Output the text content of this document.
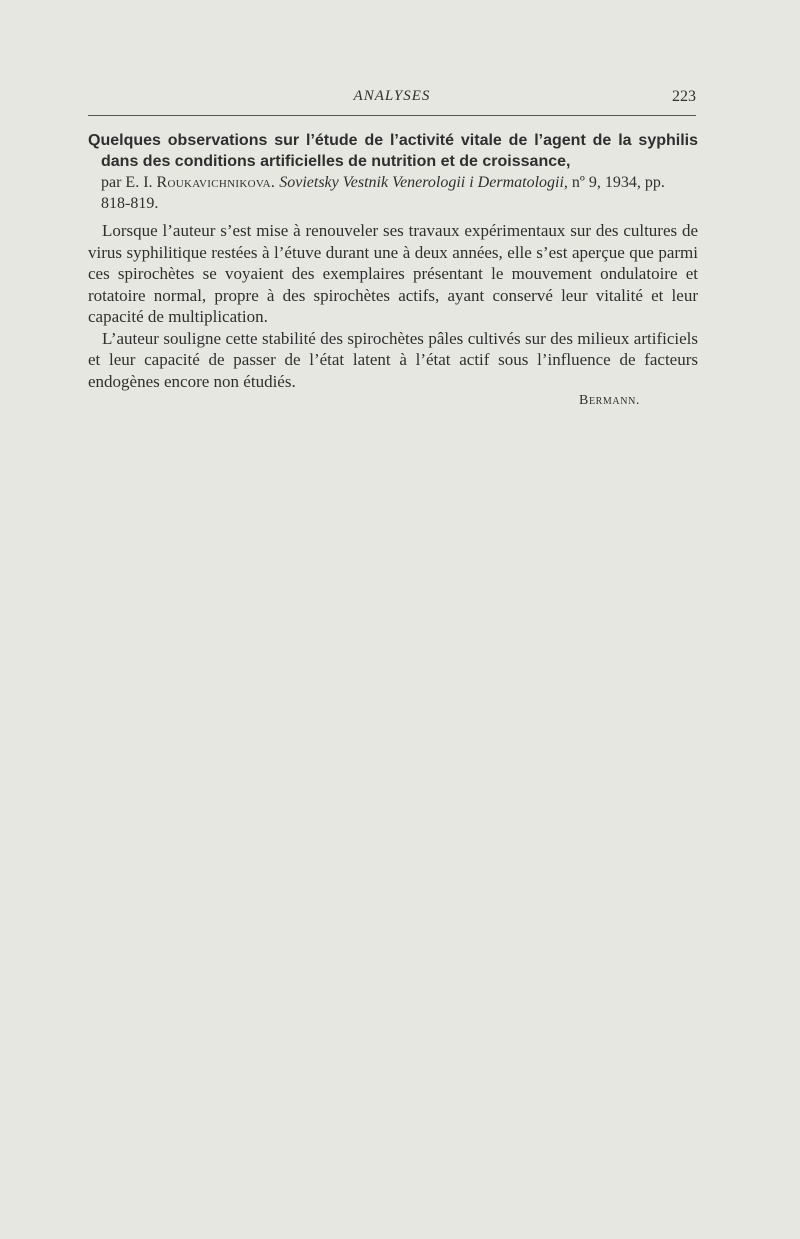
ANALYSES	223

Quelques observations sur l’étude de l’activité vitale de l’agent de la syphilis dans des conditions artificielles de nutrition et de croissance,

par E. I. Roukavichnikova. Sovietsky Vestnik Venerologii i Dermatologii, nº 9, 1934, pp. 818-819.

Lorsque l’auteur s’est mise à renouveler ses travaux expérimentaux sur des cultures de virus syphilitique restées à l’étuve durant une à deux années, elle s’est aperçue que parmi ces spirochètes se voyaient des exemplaires présentant le mouvement ondulatoire et rotatoire normal, propre à des spirochètes actifs, ayant conservé leur vitalité et leur capacité de multiplication.

L’auteur souligne cette stabilité des spirochètes pâles cultivés sur des milieux artificiels et leur capacité de passer de l’état latent à l’état actif sous l’influence de facteurs endogènes encore non étudiés.

Bermann.
